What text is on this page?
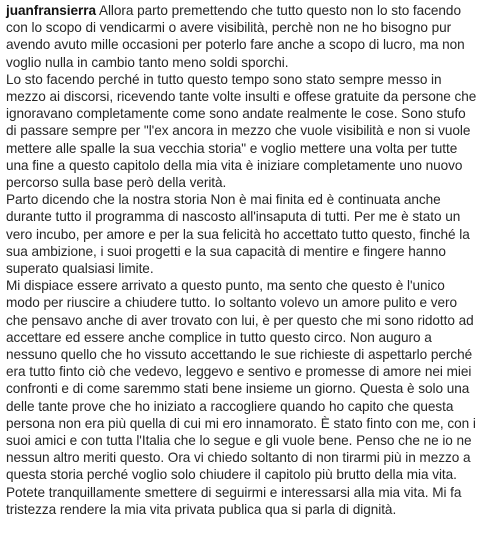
juanfransierra Allora parto premettendo che tutto questo non lo sto facendo
con lo scopo di vendicarmi o avere visibilità, perchè non ne ho bisogno pur
avendo avuto mille occasioni per poterlo fare anche a scopo di lucro, ma non
voglio nulla in cambio tanto meno soldi sporchi.
Lo sto facendo perché in tutto questo tempo sono stato sempre messo in
mezzo ai discorsi, ricevendo tante volte insulti e offese gratuite da persone che
ignoravano completamente come sono andate realmente le cose. Sono stufo
di passare sempre per "l'ex ancora in mezzo che vuole visibilità e non si vuole
mettere alle spalle la sua vecchia storia" e voglio mettere una volta per tutte
una fine a questo capitolo della mia vita è iniziare completamente uno nuovo
percorso sulla base però della verità.
Parto dicendo che la nostra storia Non è mai finita ed è continuata anche
durante tutto il programma di nascosto all'insaputa di tutti. Per me è stato un
vero incubo, per amore e per la sua felicità ho accettato tutto questo, finché la
sua ambizione, i suoi progetti e la sua capacità di mentire e fingere hanno
superato qualsiasi limite.
Mi dispiace essere arrivato a questo punto, ma sento che questo è l'unico
modo per riuscire a chiudere tutto. Io soltanto volevo un amore pulito e vero
che pensavo anche di aver trovato con lui, è per questo che mi sono ridotto ad
accettare ed essere anche complice in tutto questo circo. Non auguro a
nessuno quello che ho vissuto accettando le sue richieste di aspettarlo perché
era tutto finto ciò che vedevo, leggevo e sentivo e promesse di amore nei miei
confronti e di come saremmo stati bene insieme un giorno. Questa è solo una
delle tante prove che ho iniziato a raccogliere quando ho capito che questa
persona non era più quella di cui mi ero innamorato. È stato finto con me, con i
suoi amici e con tutta l'Italia che lo segue e gli vuole bene. Penso che ne io ne
nessun altro meriti questo. Ora vi chiedo soltanto di non tirarmi più in mezzo a
questa storia perché voglio solo chiudere il capitolo più brutto della mia vita.
Potete tranquillamente smettere di seguirmi e interessarsi alla mia vita. Mi fa
tristezza rendere la mia vita privata publica qua si parla di dignità.
